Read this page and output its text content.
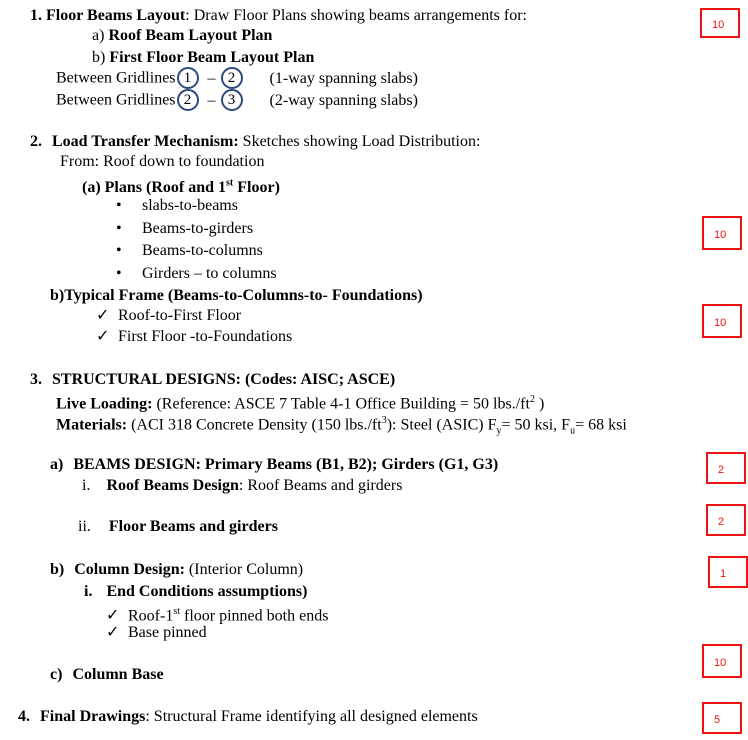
1. Floor Beams Layout: Draw Floor Plans showing beams arrangements for:
a) Roof Beam Layout Plan
b) First Floor Beam Layout Plan
Between Gridlines 1 – 2 (1-way spanning slabs)
Between Gridlines 2 – 3 (2-way spanning slabs)
2. Load Transfer Mechanism: Sketches showing Load Distribution:
From: Roof down to foundation
(a) Plans (Roof and 1st Floor)
• slabs-to-beams
• Beams-to-girders
• Beams-to-columns
• Girders – to columns
b)Typical Frame (Beams-to-Columns-to- Foundations)
✓ Roof-to-First Floor
✓ First Floor -to-Foundations
3. STRUCTURAL DESIGNS: (Codes: AISC; ASCE)
Live Loading: (Reference: ASCE 7 Table 4-1 Office Building = 50 $lbs./ft^2$ )
Materials: (ACI 318 Concrete Density (150 $lbs./ft^3$): Steel (ASIC) $F_y= 50$ ksi, $F_u= 68$ ksi
a) BEAMS DESIGN: Primary Beams (B1, B2); Girders (G1, G3)
i. Roof Beams Design: Roof Beams and girders
ii. Floor Beams and girders
b) Column Design: (Interior Column)
i. End Conditions assumptions)
✓ Roof-1st floor pinned both ends
✓ Base pinned
c) Column Base
4. Final Drawings: Structural Frame identifying all designed elements
10
10
10
2
2
1
10
5
